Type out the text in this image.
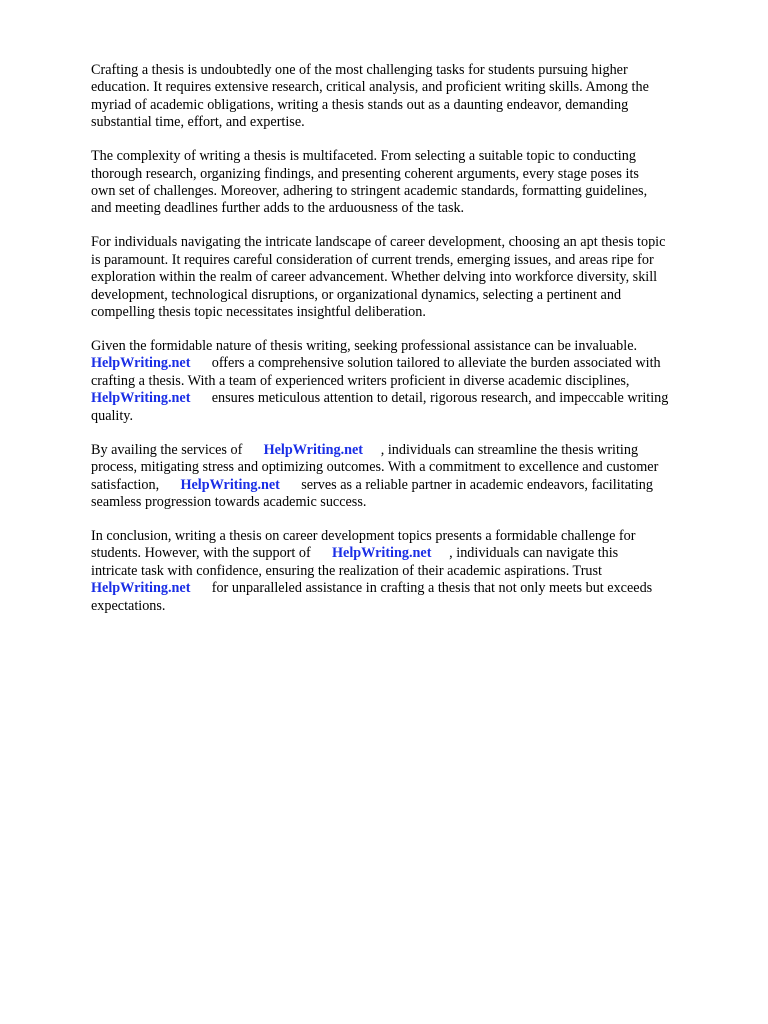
Crafting a thesis is undoubtedly one of the most challenging tasks for students pursuing higher
education. It requires extensive research, critical analysis, and proficient writing skills. Among the
myriad of academic obligations, writing a thesis stands out as a daunting endeavor, demanding
substantial time, effort, and expertise.

The complexity of writing a thesis is multifaceted. From selecting a suitable topic to conducting
thorough research, organizing findings, and presenting coherent arguments, every stage poses its
own set of challenges. Moreover, adhering to stringent academic standards, formatting guidelines,
and meeting deadlines further adds to the arduousness of the task.

For individuals navigating the intricate landscape of career development, choosing an apt thesis topic
is paramount. It requires careful consideration of current trends, emerging issues, and areas ripe for
exploration within the realm of career advancement. Whether delving into workforce diversity, skill
development, technological disruptions, or organizational dynamics, selecting a pertinent and
compelling thesis topic necessitates insightful deliberation.

Given the formidable nature of thesis writing, seeking professional assistance can be invaluable.
HelpWriting.net      offers a comprehensive solution tailored to alleviate the burden associated with
crafting a thesis. With a team of experienced writers proficient in diverse academic disciplines,
HelpWriting.net      ensures meticulous attention to detail, rigorous research, and impeccable writing
quality.

By availing the services of      HelpWriting.net     , individuals can streamline the thesis writing
process, mitigating stress and optimizing outcomes. With a commitment to excellence and customer
satisfaction,      HelpWriting.net      serves as a reliable partner in academic endeavors, facilitating
seamless progression towards academic success.

In conclusion, writing a thesis on career development topics presents a formidable challenge for
students. However, with the support of      HelpWriting.net     , individuals can navigate this
intricate task with confidence, ensuring the realization of their academic aspirations. Trust
HelpWriting.net      for unparalleled assistance in crafting a thesis that not only meets but exceeds
expectations.
